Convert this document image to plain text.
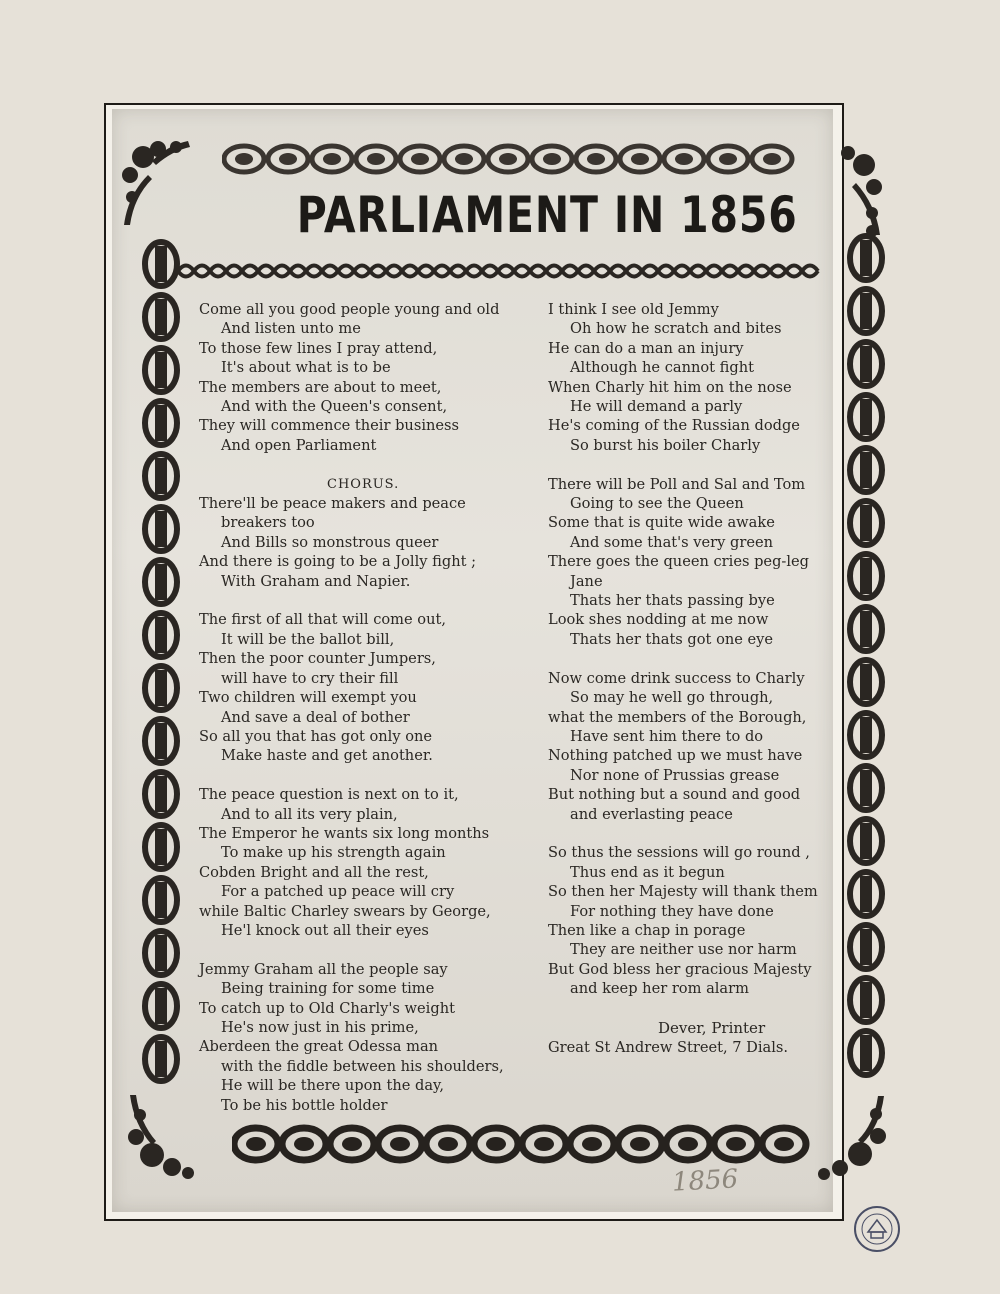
PARLIAMENT IN 1856
Come all you good people young and old
And listen unto me
To those few lines I pray attend,
It's about what is to be
The members are about to meet,
And with the Queen's consent,
They will commence their business
And open Parliament
CHORUS.
There'll be peace makers and peace
breakers too
And Bills so monstrous queer
And there is going to be a Jolly fight ;
With Graham and Napier.
The first of all that will come out,
It will be the ballot bill,
Then the poor counter Jumpers,
will have to cry their fill
Two children will exempt you
And save a deal of bother
So all you that has got only one
Make haste and get another.
The peace question is next on to it,
And to all its very plain,
The Emperor he wants six long months
To make up his strength again
Cobden Bright and all the rest,
For a patched up peace will cry
while Baltic Charley swears by George,
He'l knock out all their eyes
Jemmy Graham all the people say
Being training for some time
To catch up to Old Charly's weight
He's now just in his prime,
Aberdeen the great Odessa man
with the fiddle between his shoulders,
He will be there upon the day,
To be his bottle holder
I think I see old Jemmy
Oh how he scratch and bites
He can do a man an injury
Although he cannot fight
When Charly hit him on the nose
He will demand a parly
He's coming of the Russian dodge
So burst his boiler Charly
There will be Poll and Sal and Tom
Going to see the Queen
Some that is quite wide awake
And some that's very green
There goes the queen cries peg-leg
Jane
Thats her thats passing bye
Look shes nodding at me now
Thats her thats got one eye
Now come drink success to Charly
So may he well go through,
what the members of the Borough,
Have sent him there to do
Nothing patched up we must have
Nor none of Prussias grease
But nothing but a sound and good
and everlasting peace
So thus the sessions will go round ,
Thus end as it begun
So then her Majesty will thank them
For nothing they have done
Then like a chap in porage
They are neither use nor harm
But God bless her gracious Majesty
and keep her rom alarm
Dever, Printer
Great St Andrew Street, 7 Dials.
1856
